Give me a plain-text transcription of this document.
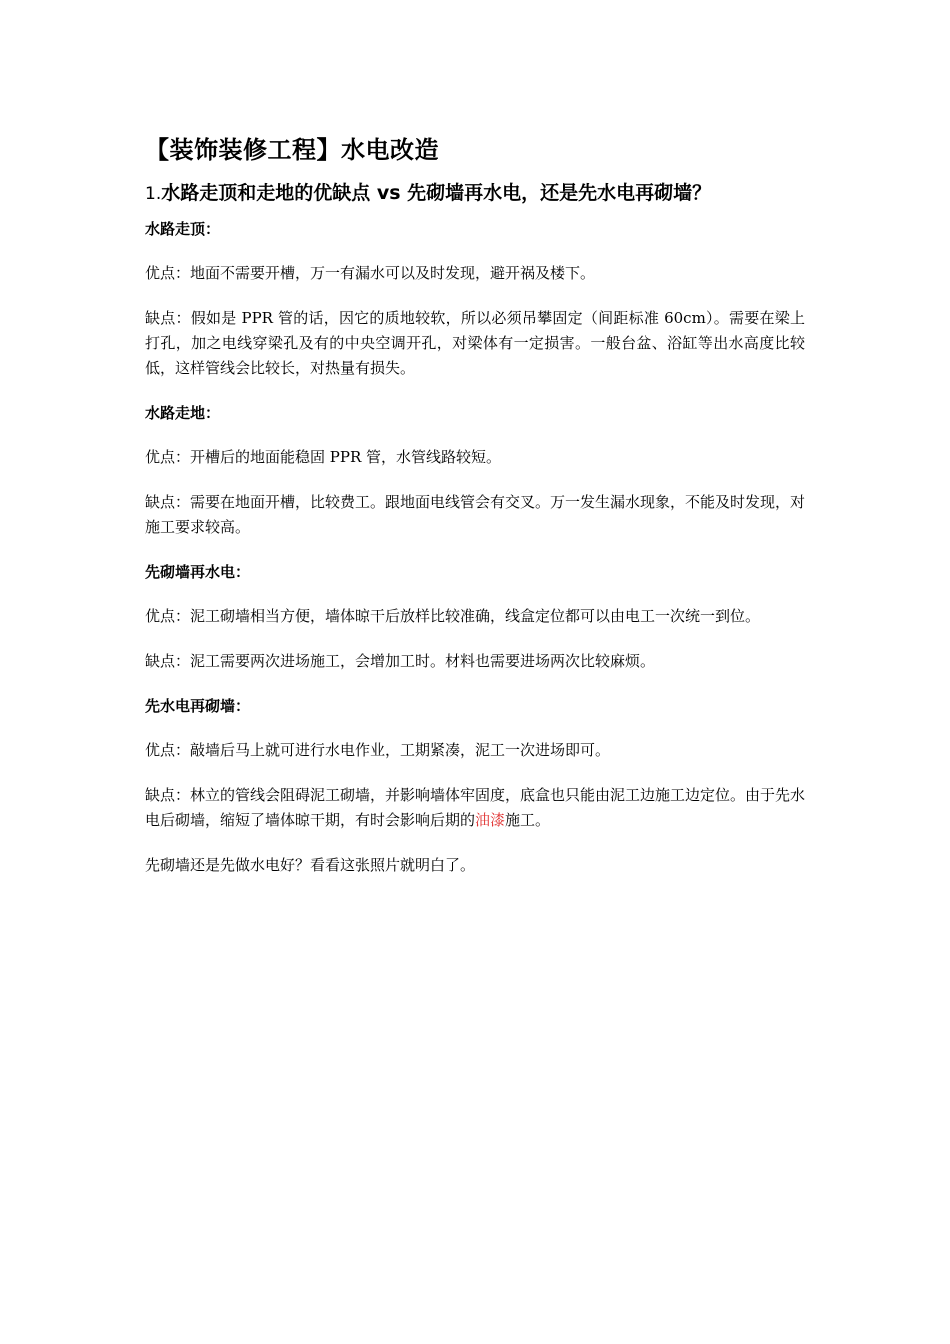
【装饰装修工程】水电改造
1.水路走顶和走地的优缺点 vs 先砌墙再水电，还是先水电再砌墙？
水路走顶：

优点：地面不需要开槽，万一有漏水可以及时发现，避开祸及楼下。

缺点：假如是 PPR 管的话，因它的质地较软，所以必须吊攀固定（间距标准 60cm）。需要在梁上打孔，加之电线穿梁孔及有的中央空调开孔，对梁体有一定损害。一般台盆、浴缸等出水高度比较低，这样管线会比较长，对热量有损失。

水路走地：

优点：开槽后的地面能稳固 PPR 管，水管线路较短。

缺点：需要在地面开槽，比较费工。跟地面电线管会有交叉。万一发生漏水现象，不能及时发现，对施工要求较高。

先砌墙再水电：

优点：泥工砌墙相当方便，墙体晾干后放样比较准确，线盒定位都可以由电工一次统一到位。

缺点：泥工需要两次进场施工，会增加工时。材料也需要进场两次比较麻烦。

先水电再砌墙：

优点：敲墙后马上就可进行水电作业，工期紧凑，泥工一次进场即可。

缺点：林立的管线会阻碍泥工砌墙，并影响墙体牢固度，底盒也只能由泥工边施工边定位。由于先水电后砌墙，缩短了墙体晾干期，有时会影响后期的油漆施工。

先砌墙还是先做水电好？看看这张照片就明白了。
